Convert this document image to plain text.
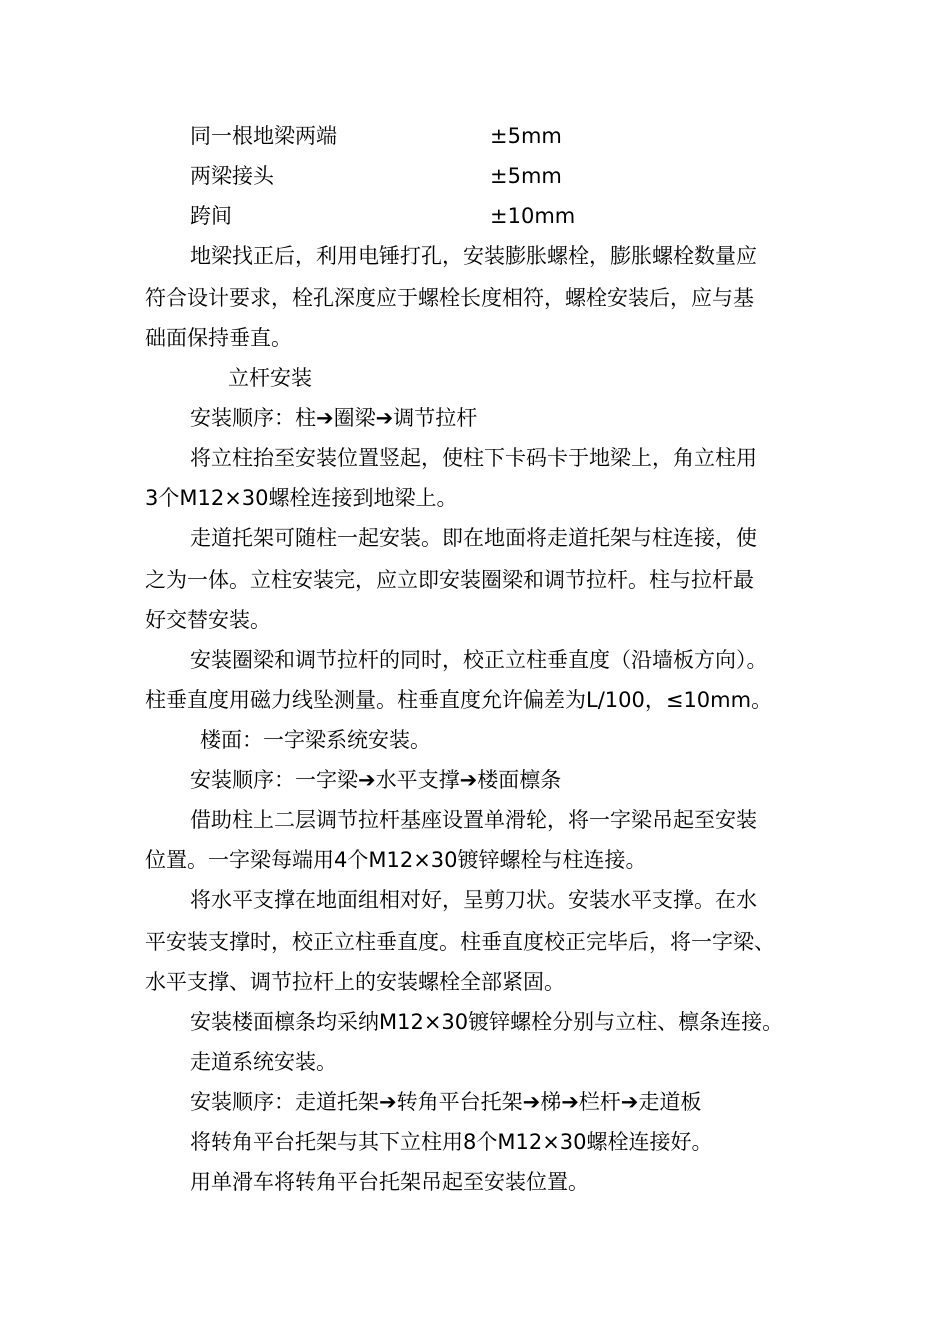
同一根地梁两端	±5mm
两梁接头	±5mm
跨间	±10mm
地梁找正后，利用电锤打孔，安装膨胀螺栓，膨胀螺栓数量应
符合设计要求，栓孔深度应于螺栓长度相符，螺栓安装后，应与基
础面保持垂直。
立杆安装
安装顺序：柱➔圈梁➔调节拉杆
将立柱抬至安装位置竖起，使柱下卡码卡于地梁上，角立柱用
3个M12×30螺栓连接到地梁上。
走道托架可随柱一起安装。即在地面将走道托架与柱连接，使
之为一体。立柱安装完，应立即安装圈梁和调节拉杆。柱与拉杆最
好交替安装。
安装圈梁和调节拉杆的同时，校正立柱垂直度（沿墙板方向）。
柱垂直度用磁力线坠测量。柱垂直度允许偏差为L/100，≤10mm。
楼面：一字梁系统安装。
安装顺序：一字梁➔水平支撑➔楼面檩条
借助柱上二层调节拉杆基座设置单滑轮，将一字梁吊起至安装
位置。一字梁每端用4个M12×30镀锌螺栓与柱连接。
将水平支撑在地面组相对好，呈剪刀状。安装水平支撑。在水
平安装支撑时，校正立柱垂直度。柱垂直度校正完毕后，将一字梁、
水平支撑、调节拉杆上的安装螺栓全部紧固。
安装楼面檩条均采纳M12×30镀锌螺栓分别与立柱、檩条连接。
走道系统安装。
安装顺序：走道托架➔转角平台托架➔梯➔栏杆➔走道板
将转角平台托架与其下立柱用8个M12×30螺栓连接好。
用单滑车将转角平台托架吊起至安装位置。
